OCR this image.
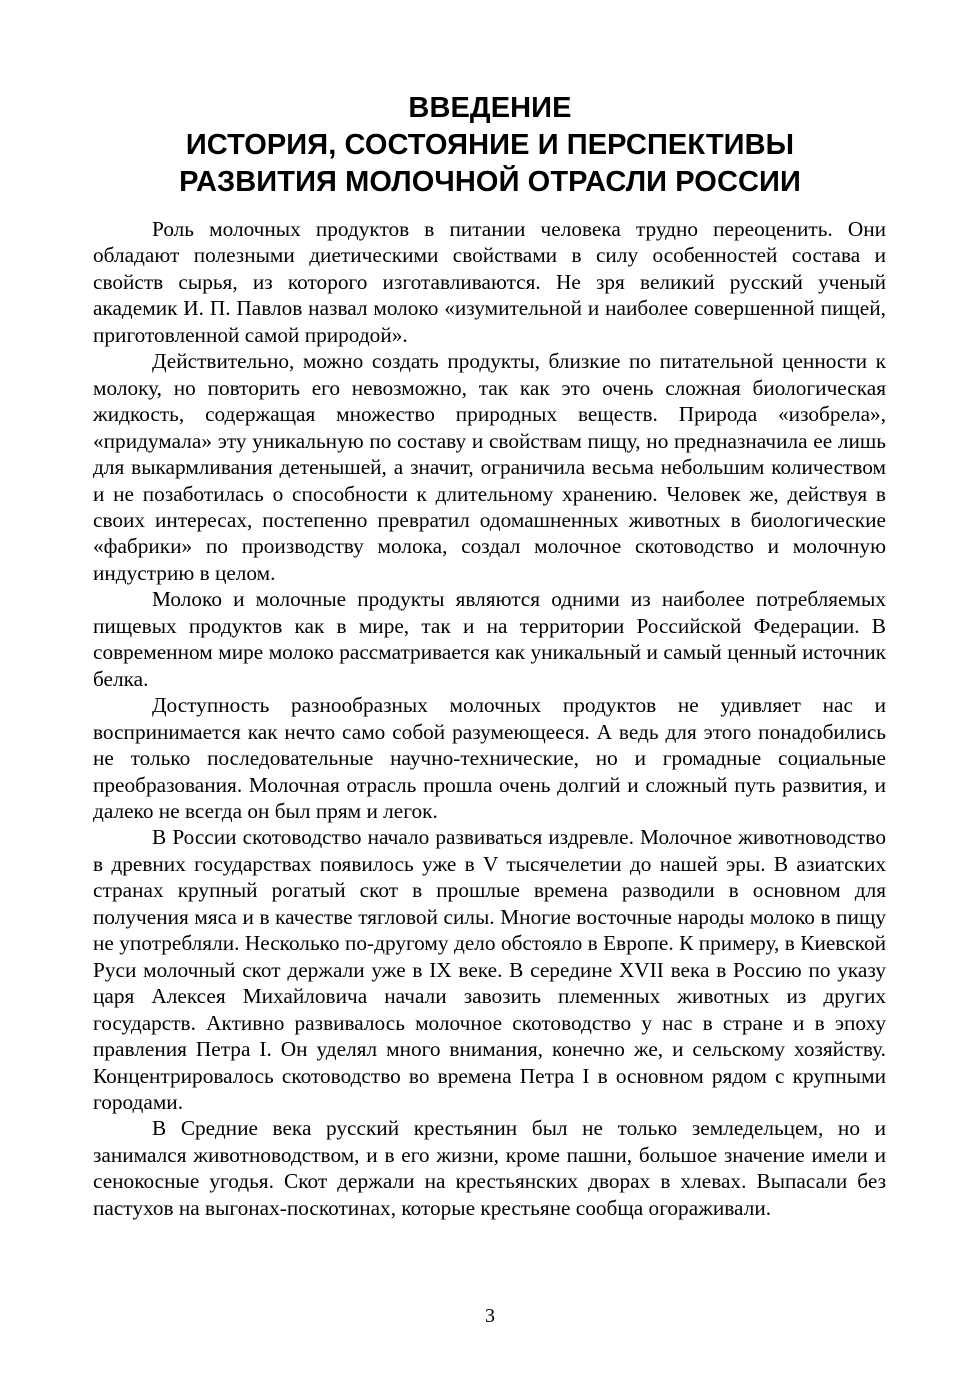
ВВЕДЕНИЕ
ИСТОРИЯ, СОСТОЯНИЕ И ПЕРСПЕКТИВЫ
РАЗВИТИЯ МОЛОЧНОЙ ОТРАСЛИ РОССИИ

Роль молочных продуктов в питании человека трудно переоценить. Они обладают полезными диетическими свойствами в силу особенностей состава и свойств сырья, из которого изготавливаются. Не зря великий русский ученый академик И. П. Павлов назвал молоко «изумительной и наиболее совершенной пищей, приготовленной самой природой».

Действительно, можно создать продукты, близкие по питательной ценности к молоку, но повторить его невозможно, так как это очень сложная биологическая жидкость, содержащая множество природных веществ. Природа «изобрела», «придумала» эту уникальную по составу и свойствам пищу, но предназначила ее лишь для выкармливания детенышей, а значит, ограничила весьма небольшим количеством и не позаботилась о способности к длительному хранению. Человек же, действуя в своих интересах, постепенно превратил одомашненных животных в биологические «фабрики» по производству молока, создал молочное скотоводство и молочную индустрию в целом.

Молоко и молочные продукты являются одними из наиболее потребляемых пищевых продуктов как в мире, так и на территории Российской Федерации. В современном мире молоко рассматривается как уникальный и самый ценный источник белка.

Доступность разнообразных молочных продуктов не удивляет нас и воспринимается как нечто само собой разумеющееся. А ведь для этого понадобились не только последовательные научно-технические, но и громадные социальные преобразования. Молочная отрасль прошла очень долгий и сложный путь развития, и далеко не всегда он был прям и легок.

В России скотоводство начало развиваться издревле. Молочное животноводство в древних государствах появилось уже в V тысячелетии до нашей эры. В азиатских странах крупный рогатый скот в прошлые времена разводили в основном для получения мяса и в качестве тягловой силы. Многие восточные народы молоко в пищу не употребляли. Несколько по-другому дело обстояло в Европе. К примеру, в Киевской Руси молочный скот держали уже в IX веке. В середине XVII века в Россию по указу царя Алексея Михайловича начали завозить племенных животных из других государств. Активно развивалось молочное скотоводство у нас в стране и в эпоху правления Петра I. Он уделял много внимания, конечно же, и сельскому хозяйству. Концентрировалось скотоводство во времена Петра I в основном рядом с крупными городами.

В Средние века русский крестьянин был не только земледельцем, но и занимался животноводством, и в его жизни, кроме пашни, большое значение имели и сенокосные угодья. Скот держали на крестьянских дворах в хлевах. Выпасали без пастухов на выгонах-поскотинах, которые крестьяне сообща огораживали.

3
